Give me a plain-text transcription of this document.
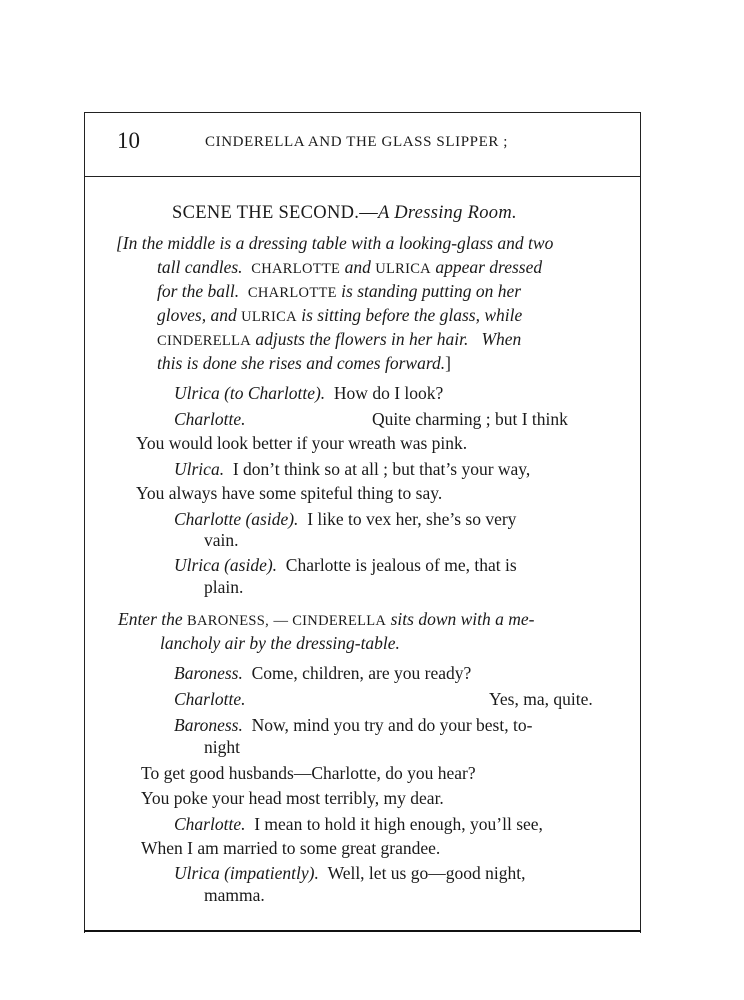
10	CINDERELLA AND THE GLASS SLIPPER ;
SCENE THE SECOND.—A Dressing Room.
[In the middle is a dressing table with a looking-glass and two
tall candles. CHARLOTTE and ULRICA appear dressed
for the ball. CHARLOTTE is standing putting on her
gloves, and ULRICA is sitting before the glass, while
CINDERELLA adjusts the flowers in her hair. When
this is done she rises and comes forward.]
Ulrica (to Charlotte). How do I look?
Charlotte.	Quite charming ; but I think
You would look better if your wreath was pink.
Ulrica. I don’t think so at all ; but that’s your way,
You always have some spiteful thing to say.
Charlotte (aside). I like to vex her, she’s so very
vain.
Ulrica (aside). Charlotte is jealous of me, that is
plain.
Enter the BARONESS, — CINDERELLA sits down with a me-
lancholy air by the dressing-table.
Baroness. Come, children, are you ready?
Charlotte.	Yes, ma, quite.
Baroness. Now, mind you try and do your best, to-
night
To get good husbands—Charlotte, do you hear?
You poke your head most terribly, my dear.
Charlotte. I mean to hold it high enough, you’ll see,
When I am married to some great grandee.
Ulrica (impatiently). Well, let us go—good night,
mamma.
